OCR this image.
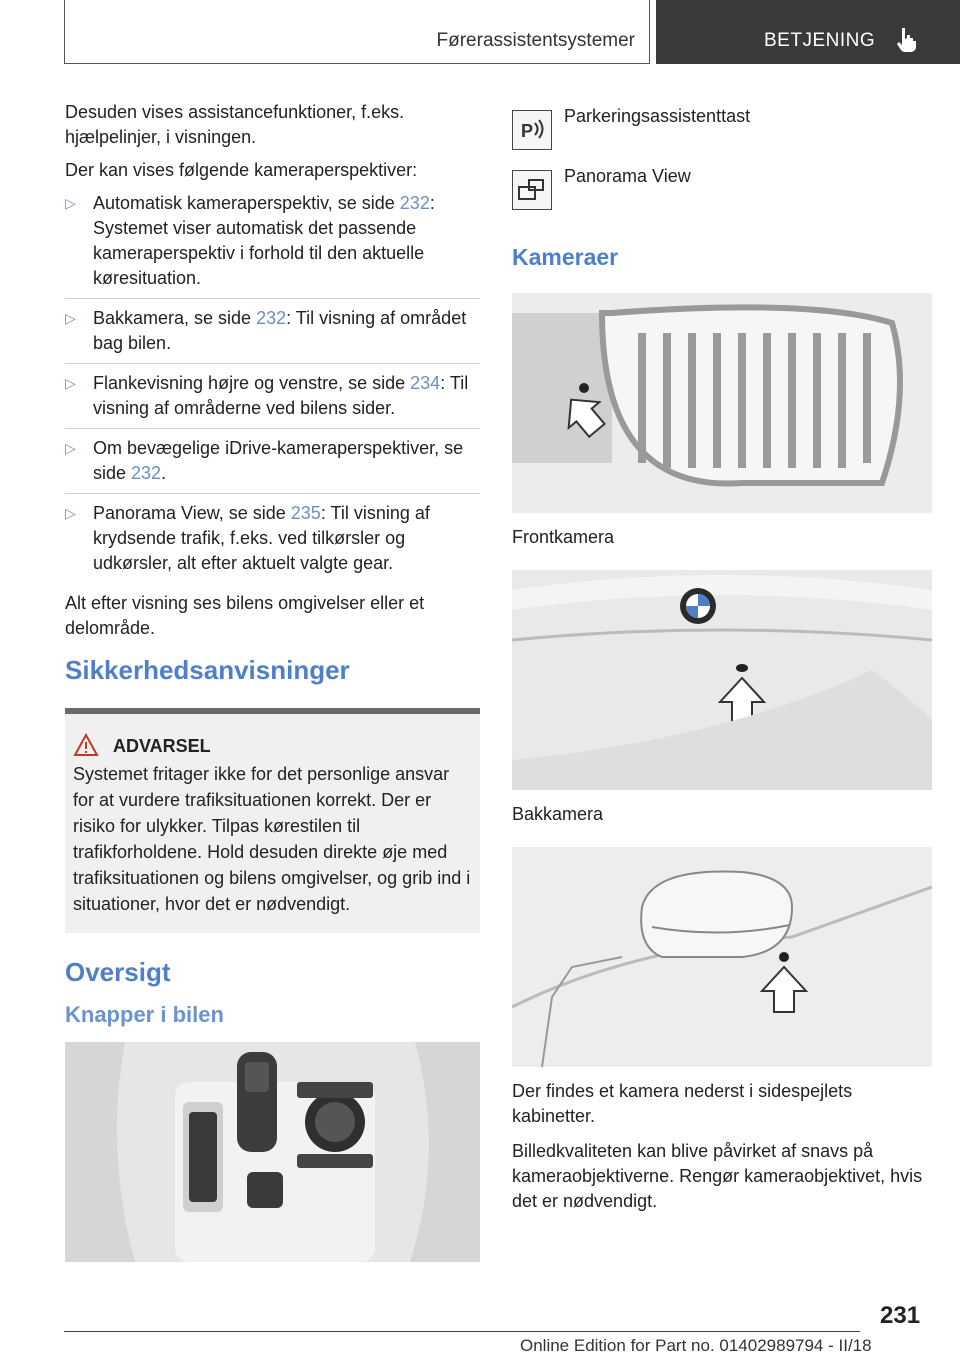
Førerassistentsystemer	BETJENING

Desuden vises assistancefunktioner, f.eks. hjælpelinjer, i visningen.

Der kan vises følgende kameraperspektiver:

▷ Automatisk kameraperspektiv, se side 232: Systemet viser automatisk det passende kameraperspektiv i forhold til den aktuelle køresituation.
▷ Bakkamera, se side 232: Til visning af området bag bilen.
▷ Flankevisning højre og venstre, se side 234: Til visning af områderne ved bilens sider.
▷ Om bevægelige iDrive-kameraperspektiver, se side 232.
▷ Panorama View, se side 235: Til visning af krydsende trafik, f.eks. ved tilkørsler og udkørsler, alt efter aktuelt valgte gear.

Alt efter visning ses bilens omgivelser eller et delområde.

Sikkerhedsanvisninger
ADVARSEL

Systemet fritager ikke for det personlige ansvar for at vurdere trafiksituationen korrekt. Der er risiko for ulykker. Tilpas kørestilen til trafikforholdene. Hold desuden direkte øje med trafiksituationen og bilens omgivelser, og grib ind i situationer, hvor det er nødvendigt.

Oversigt
Knapper i bilen
P
Parkeringsassistenttast
Panorama View
Kameraer

Frontkamera

Bakkamera

Der findes et kamera nederst i sidespejlets kabinetter.

Billedkvaliteten kan blive påvirket af snavs på kameraobjektiverne. Rengør kameraobjektivet, hvis det er nødvendigt.

231
Online Edition for Part no. 01402989794 - II/18
